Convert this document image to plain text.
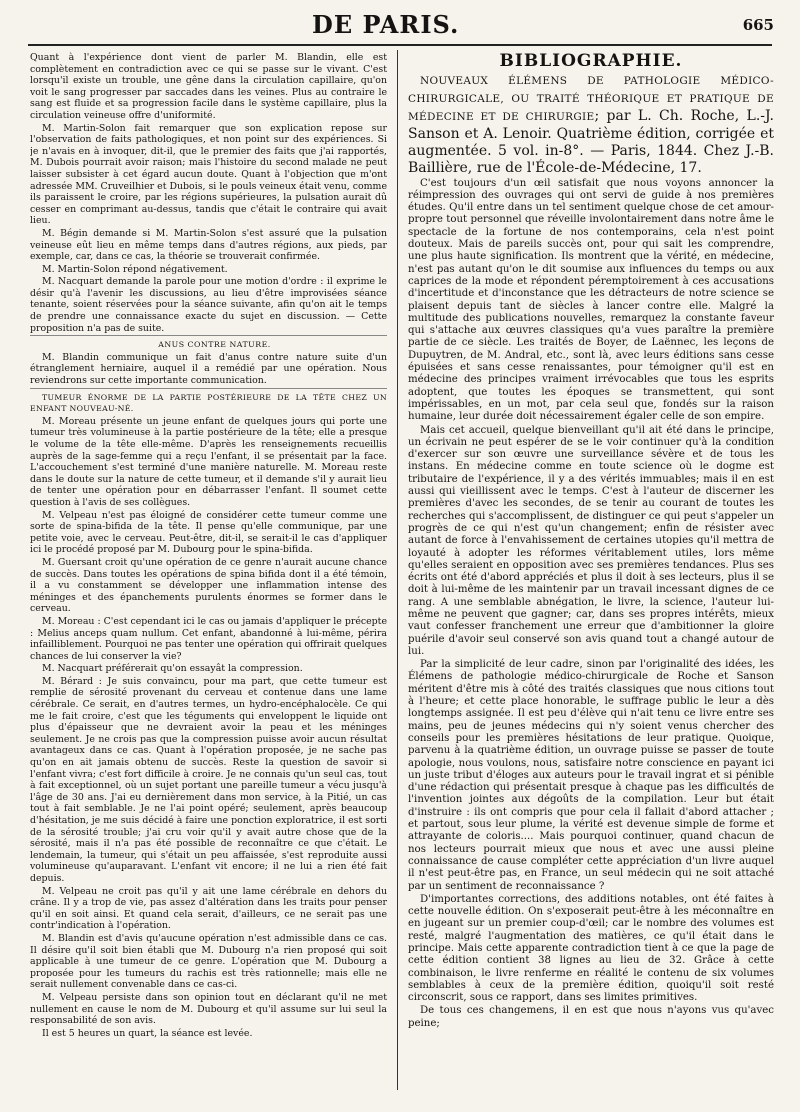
DE PARIS.	665

Quant à l'expérience dont vient de parler M. Blandin, elle est complètement en contradiction avec ce qui se passe sur le vivant. C'est lorsqu'il existe un trouble, une gêne dans la circulation capillaire, qu'on voit le sang progresser par saccades dans les veines. Plus au contraire le sang est fluide et sa progression facile dans le système capillaire, plus la circulation veineuse offre d'uniformité.

M. Martin-Solon fait remarquer que son explication repose sur l'observation de faits pathologiques, et non point sur des expériences. Si je n'avais en à invoquer, dit-il, que le premier des faits que j'ai rapportés, M. Dubois pourrait avoir raison; mais l'histoire du second malade ne peut laisser subsister à cet égard aucun doute. Quant à l'objection que m'ont adressée MM. Cruveilhier et Dubois, si le pouls veineux était venu, comme ils paraissent le croire, par les régions supérieures, la pulsation aurait dû cesser en comprimant au-dessus, tandis que c'était le contraire qui avait lieu.

M. Bégin demande si M. Martin-Solon s'est assuré que la pulsation veineuse eût lieu en même temps dans d'autres régions, aux pieds, par exemple, car, dans ce cas, la théorie se trouverait confirmée.

M. Martin-Solon répond négativement.

M. Nacquart demande la parole pour une motion d'ordre : il exprime le désir qu'à l'avenir les discussions, au lieu d'être improvisées séance tenante, soient réservées pour la séance suivante, afin qu'on ait le temps de prendre une connaissance exacte du sujet en discussion. — Cette proposition n'a pas de suite.

ANUS CONTRE NATURE.

M. Blandin communique un fait d'anus contre nature suite d'un étranglement herniaire, auquel il a remédié par une opération. Nous reviendrons sur cette importante communication.

TUMEUR ÉNORME DE LA PARTIE POSTÉRIEURE DE LA TÊTE CHEZ UN ENFANT NOUVEAU-NÉ.

M. Moreau présente un jeune enfant de quelques jours qui porte une tumeur très volumineuse à la partie postérieure de la tête; elle a presque le volume de la tête elle-même. D'après les renseignements recueillis auprès de la sage-femme qui a reçu l'enfant, il se présentait par la face. L'accouchement s'est terminé d'une manière naturelle. M. Moreau reste dans le doute sur la nature de cette tumeur, et il demande s'il y aurait lieu de tenter une opération pour en débarrasser l'enfant. Il soumet cette question à l'avis de ses collègues.

M. Velpeau n'est pas éloigné de considérer cette tumeur comme une sorte de spina-bifida de la tête. Il pense qu'elle communique, par une petite voie, avec le cerveau. Peut-être, dit-il, se serait-il le cas d'appliquer ici le procédé proposé par M. Dubourg pour le spina-bifida.

M. Guersant croit qu'une opération de ce genre n'aurait aucune chance de succès. Dans toutes les opérations de spina bifida dont il a été témoin, il a vu constamment se développer une inflammation intense des méninges et des épanchements purulents énormes se former dans le cerveau.

M. Moreau : C'est cependant ici le cas ou jamais d'appliquer le précepte : Melius anceps quam nullum. Cet enfant, abandonné à lui-même, périra infailliblement. Pourquoi ne pas tenter une opération qui offrirait quelques chances de lui conserver la vie?

M. Nacquart préférerait qu'on essayât la compression.

M. Bérard : Je suis convaincu, pour ma part, que cette tumeur est remplie de sérosité provenant du cerveau et contenue dans une lame cérébrale. Ce serait, en d'autres termes, un hydro-encéphalocèle. Ce qui me le fait croire, c'est que les téguments qui enveloppent le liquide ont plus d'épaisseur que ne devraient avoir la peau et les méninges seulement. Je ne crois pas que la compression puisse avoir aucun résultat avantageux dans ce cas. Quant à l'opération proposée, je ne sache pas qu'on en ait jamais obtenu de succès. Reste la question de savoir si l'enfant vivra; c'est fort difficile à croire. Je ne connais qu'un seul cas, tout à fait exceptionnel, où un sujet portant une pareille tumeur a vécu jusqu'à l'âge de 30 ans. J'ai eu dernièrement dans mon service, à la Pitié, un cas tout à fait semblable. Je ne l'ai point opéré; seulement, après beaucoup d'hésitation, je me suis décidé à faire une ponction exploratrice, il est sorti de la sérosité trouble; j'ai cru voir qu'il y avait autre chose que de la sérosité, mais il n'a pas été possible de reconnaître ce que c'était. Le lendemain, la tumeur, qui s'était un peu affaissée, s'est reproduite aussi volumineuse qu'auparavant. L'enfant vit encore; il ne lui a rien été fait depuis.

M. Velpeau ne croit pas qu'il y ait une lame cérébrale en dehors du crâne. Il y a trop de vie, pas assez d'altération dans les traits pour penser qu'il en soit ainsi. Et quand cela serait, d'ailleurs, ce ne serait pas une contr'indication à l'opération.

M. Blandin est d'avis qu'aucune opération n'est admissible dans ce cas. Il désire qu'il soit bien établi que M. Dubourg n'a rien proposé qui soit applicable à une tumeur de ce genre. L'opération que M. Dubourg a proposée pour les tumeurs du rachis est très rationnelle; mais elle ne serait nullement convenable dans ce cas-ci.

M. Velpeau persiste dans son opinion tout en déclarant qu'il ne met nullement en cause le nom de M. Dubourg et qu'il assume sur lui seul la responsabilité de son avis.

Il est 5 heures un quart, la séance est levée.

BIBLIOGRAPHIE.

NOUVEAUX ÉLÉMENS DE PATHOLOGIE MÉDICO-CHIRURGICALE, OU TRAITÉ THÉORIQUE ET PRATIQUE DE MÉDECINE ET DE CHIRURGIE; par L. Ch. Roche, L.-J. Sanson et A. Lenoir. Quatrième édition, corrigée et augmentée. 5 vol. in-8°. — Paris, 1844. Chez J.-B. Baillière, rue de l'École-de-Médecine, 17.

C'est toujours d'un œil satisfait que nous voyons annoncer la réimpression des ouvrages qui ont servi de guide à nos premières études. Qu'il entre dans un tel sentiment quelque chose de cet amour-propre tout personnel que réveille involontairement dans notre âme le spectacle de la fortune de nos contemporains, cela n'est point douteux. Mais de pareils succès ont, pour qui sait les comprendre, une plus haute signification. Ils montrent que la vérité, en médecine, n'est pas autant qu'on le dit soumise aux influences du temps ou aux caprices de la mode et répondent péremptoirement à ces accusations d'incertitude et d'inconstance que les détracteurs de notre science se plaisent depuis tant de siècles à lancer contre elle. Malgré la multitude des publications nouvelles, remarquez la constante faveur qui s'attache aux œuvres classiques qu'a vues paraître la première partie de ce siècle. Les traités de Boyer, de Laënnec, les leçons de Dupuytren, de M. Andral, etc., sont là, avec leurs éditions sans cesse épuisées et sans cesse renaissantes, pour témoigner qu'il est en médecine des principes vraiment irrévocables que tous les esprits adoptent, que toutes les époques se transmettent, qui sont impérissables, en un mot, par cela seul que, fondés sur la raison humaine, leur durée doit nécessairement égaler celle de son empire.

Mais cet accueil, quelque bienveillant qu'il ait été dans le principe, un écrivain ne peut espérer de se le voir continuer qu'à la condition d'exercer sur son œuvre une surveillance sévère et de tous les instans. En médecine comme en toute science où le dogme est tributaire de l'expérience, il y a des vérités immuables; mais il en est aussi qui vieillissent avec le temps. C'est à l'auteur de discerner les premières d'avec les secondes, de se tenir au courant de toutes les recherches qui s'accomplissent, de distinguer ce qui peut s'appeler un progrès de ce qui n'est qu'un changement; enfin de résister avec autant de force à l'envahissement de certaines utopies qu'il mettra de loyauté à adopter les réformes véritablement utiles, lors même qu'elles seraient en opposition avec ses premières tendances. Plus ses écrits ont été d'abord appréciés et plus il doit à ses lecteurs, plus il se doit à lui-même de les maintenir par un travail incessant dignes de ce rang. A une semblable abnégation, le livre, la science, l'auteur lui-même ne peuvent que gagner; car, dans ses propres intérêts, mieux vaut confesser franchement une erreur que d'ambitionner la gloire puérile d'avoir seul conservé son avis quand tout a changé autour de lui.

Par la simplicité de leur cadre, sinon par l'originalité des idées, les Élémens de pathologie médico-chirurgicale de Roche et Sanson méritent d'être mis à côté des traités classiques que nous citions tout à l'heure; et cette place honorable, le suffrage public le leur a dès longtemps assignée. Il est peu d'élève qui n'ait tenu ce livre entre ses mains, peu de jeunes médecins qui n'y soient venus chercher des conseils pour les premières hésitations de leur pratique. Quoique, parvenu à la quatrième édition, un ouvrage puisse se passer de toute apologie, nous voulons, nous, satisfaire notre conscience en payant ici un juste tribut d'éloges aux auteurs pour le travail ingrat et si pénible d'une rédaction qui présentait presque à chaque pas les difficultés de l'invention jointes aux dégoûts de la compilation. Leur but était d'instruire : ils ont compris que pour cela il fallait d'abord attacher ; et partout, sous leur plume, la vérité est devenue simple de forme et attrayante de coloris.... Mais pourquoi continuer, quand chacun de nos lecteurs pourrait mieux que nous et avec une aussi pleine connaissance de cause compléter cette appréciation d'un livre auquel il n'est peut-être pas, en France, un seul médecin qui ne soit attaché par un sentiment de reconnaissance ?

D'importantes corrections, des additions notables, ont été faites à cette nouvelle édition. On s'exposerait peut-être à les méconnaître en en jugeant sur un premier coup-d'œil; car le nombre des volumes est resté, malgré l'augmentation des matières, ce qu'il était dans le principe. Mais cette apparente contradiction tient à ce que la page de cette édition contient 38 lignes au lieu de 32. Grâce à cette combinaison, le livre renferme en réalité le contenu de six volumes semblables à ceux de la première édition, quoiqu'il soit resté circonscrit, sous ce rapport, dans ses limites primitives.

De tous ces changemens, il en est que nous n'ayons vus qu'avec peine;
